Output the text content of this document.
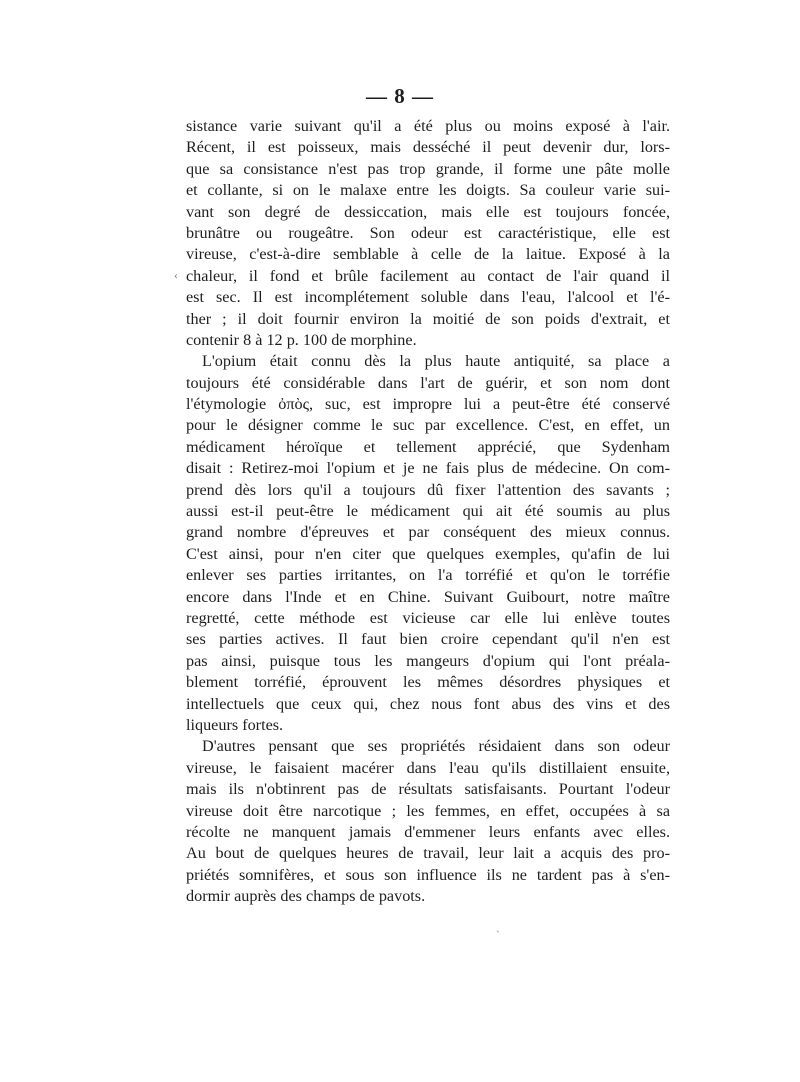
— 8 —
‹
sistance varie suivant qu'il a été plus ou moins exposé à l'air.
Récent, il est poisseux, mais desséché il peut devenir dur, lors-
que sa consistance n'est pas trop grande, il forme une pâte molle
et collante, si on le malaxe entre les doigts. Sa couleur varie sui-
vant son degré de dessiccation, mais elle est toujours foncée,
brunâtre ou rougeâtre. Son odeur est caractéristique, elle est
vireuse, c'est-à-dire semblable à celle de la laitue. Exposé à la
chaleur, il fond et brûle facilement au contact de l'air quand il
est sec. Il est incomplétement soluble dans l'eau, l'alcool et l'é-
ther ; il doit fournir environ la moitié de son poids d'extrait, et
contenir 8 à 12 p. 100 de morphine.
L'opium était connu dès la plus haute antiquité, sa place a
toujours été considérable dans l'art de guérir, et son nom dont
l'étymologie ὀπὸς, suc, est impropre lui a peut-être été conservé
pour le désigner comme le suc par excellence. C'est, en effet, un
médicament héroïque et tellement apprécié, que Sydenham
disait : Retirez-moi l'opium et je ne fais plus de médecine. On com-
prend dès lors qu'il a toujours dû fixer l'attention des savants ;
aussi est-il peut-être le médicament qui ait été soumis au plus
grand nombre d'épreuves et par conséquent des mieux connus.
C'est ainsi, pour n'en citer que quelques exemples, qu'afin de lui
enlever ses parties irritantes, on l'a torréfié et qu'on le torréfie
encore dans l'Inde et en Chine. Suivant Guibourt, notre maître
regretté, cette méthode est vicieuse car elle lui enlève toutes
ses parties actives. Il faut bien croire cependant qu'il n'en est
pas ainsi, puisque tous les mangeurs d'opium qui l'ont préala-
blement torréfié, éprouvent les mêmes désordres physiques et
intellectuels que ceux qui, chez nous font abus des vins et des
liqueurs fortes.
D'autres pensant que ses propriétés résidaient dans son odeur
vireuse, le faisaient macérer dans l'eau qu'ils distillaient ensuite,
mais ils n'obtinrent pas de résultats satisfaisants. Pourtant l'odeur
vireuse doit être narcotique ; les femmes, en effet, occupées à sa
récolte ne manquent jamais d'emmener leurs enfants avec elles.
Au bout de quelques heures de travail, leur lait a acquis des pro-
priétés somnifères, et sous son influence ils ne tardent pas à s'en-
dormir auprès des champs de pavots.
`
